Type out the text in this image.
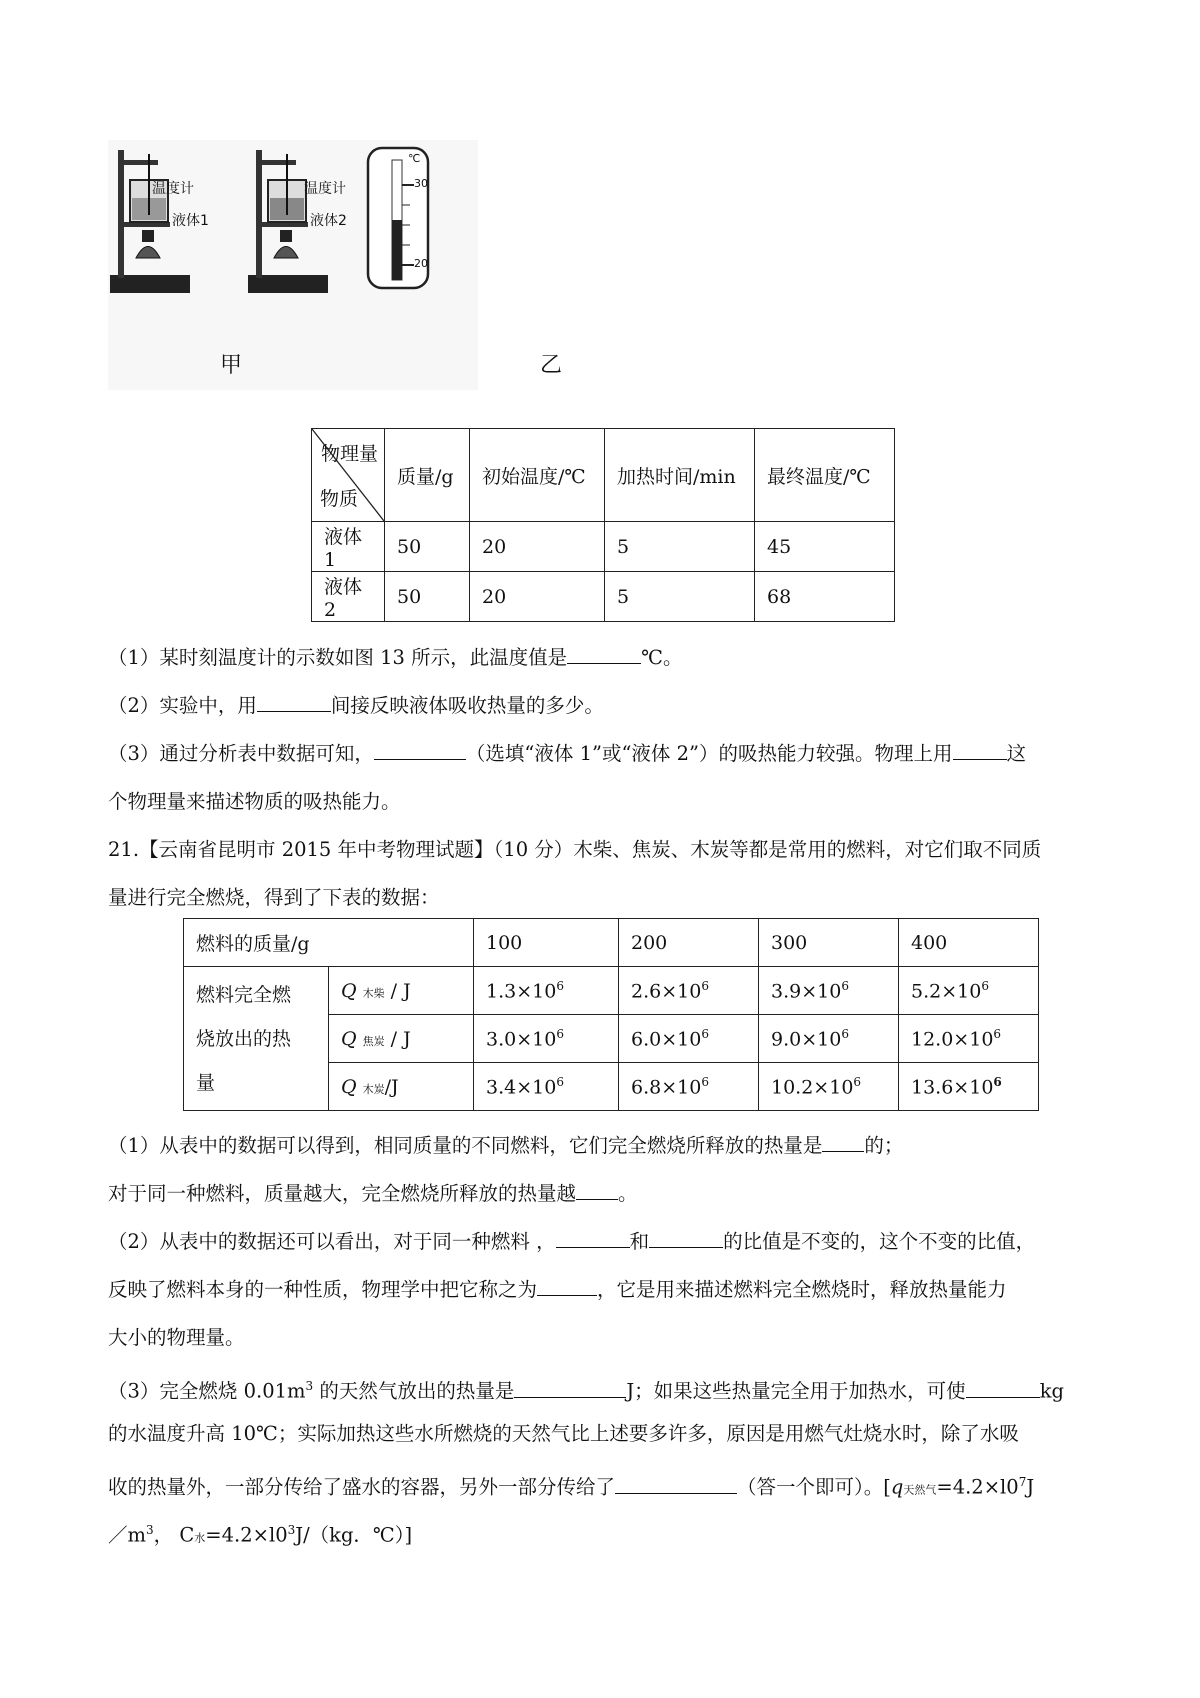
温度计
液体1
温度计
液体2
℃
30
20
甲	乙
物理量
物质	质量/g	初始温度/℃	加热时间/min	最终温度/℃
液体 1	50	20	5	45
液体 2	50	20	5	68
（1）某时刻温度计的示数如图 13 所示，此温度值是	℃。
（2）实验中，用	间接反映液体吸收热量的多少。
（3）通过分析表中数据可知，	（选填“液体 1”或“液体 2”）的吸热能力较强。物理上用	这
个物理量来描述物质的吸热能力。
21.【云南省昆明市 2015 年中考物理试题】（10 分）木柴、焦炭、木炭等都是常用的燃料，对它们取不同质
量进行完全燃烧，得到了下表的数据：
燃料的质量/g		100	200	300	400

燃料完全燃
烧放出的热
量	Q 木柴 / J	$1.3\times 10^6$	$2.6\times 10^6$	$3.9\times 10^6$	$5.2\times 10^6$
	Q 焦炭 / J	$3.0\times 10^6$	$6.0\times 10^6$	$9.0\times 10^6$	$12.0\times 10^6$
	Q 木炭/J	$3.4\times 10^6$	$6.8\times 10^6$	$10.2\times 10^6$	$13.6\times 10^6$
（1）从表中的数据可以得到，相同质量的不同燃料，它们完全燃烧所释放的热量是 的；
对于同一种燃料，质量越大，完全燃烧所释放的热量越 。
（2）从表中的数据还可以看出，对于同一种燃料 ，	和	的比值是不变的，这个不变的比值，
反映了燃料本身的一种性质，物理学中把它称之为	，它是用来描述燃料完全燃烧时，释放热量能力
大小的物理量。
（3）完全燃烧 $0.01m^3$ 的天然气放出的热量是	J；如果这些热量完全用于加热水，可使	kg
的水温度升高 10℃；实际加热这些水所燃烧的天然气比上述要多许多，原因是用燃气灶烧水时，除了水吸
收的热量外，一部分传给了盛水的容器，另外一部分传给了	（答一个即可）。[q天然气$=4.2\times l0^7J$
$/m^3$， C水$=4.2\times l0^3J/(kg$．℃）]
